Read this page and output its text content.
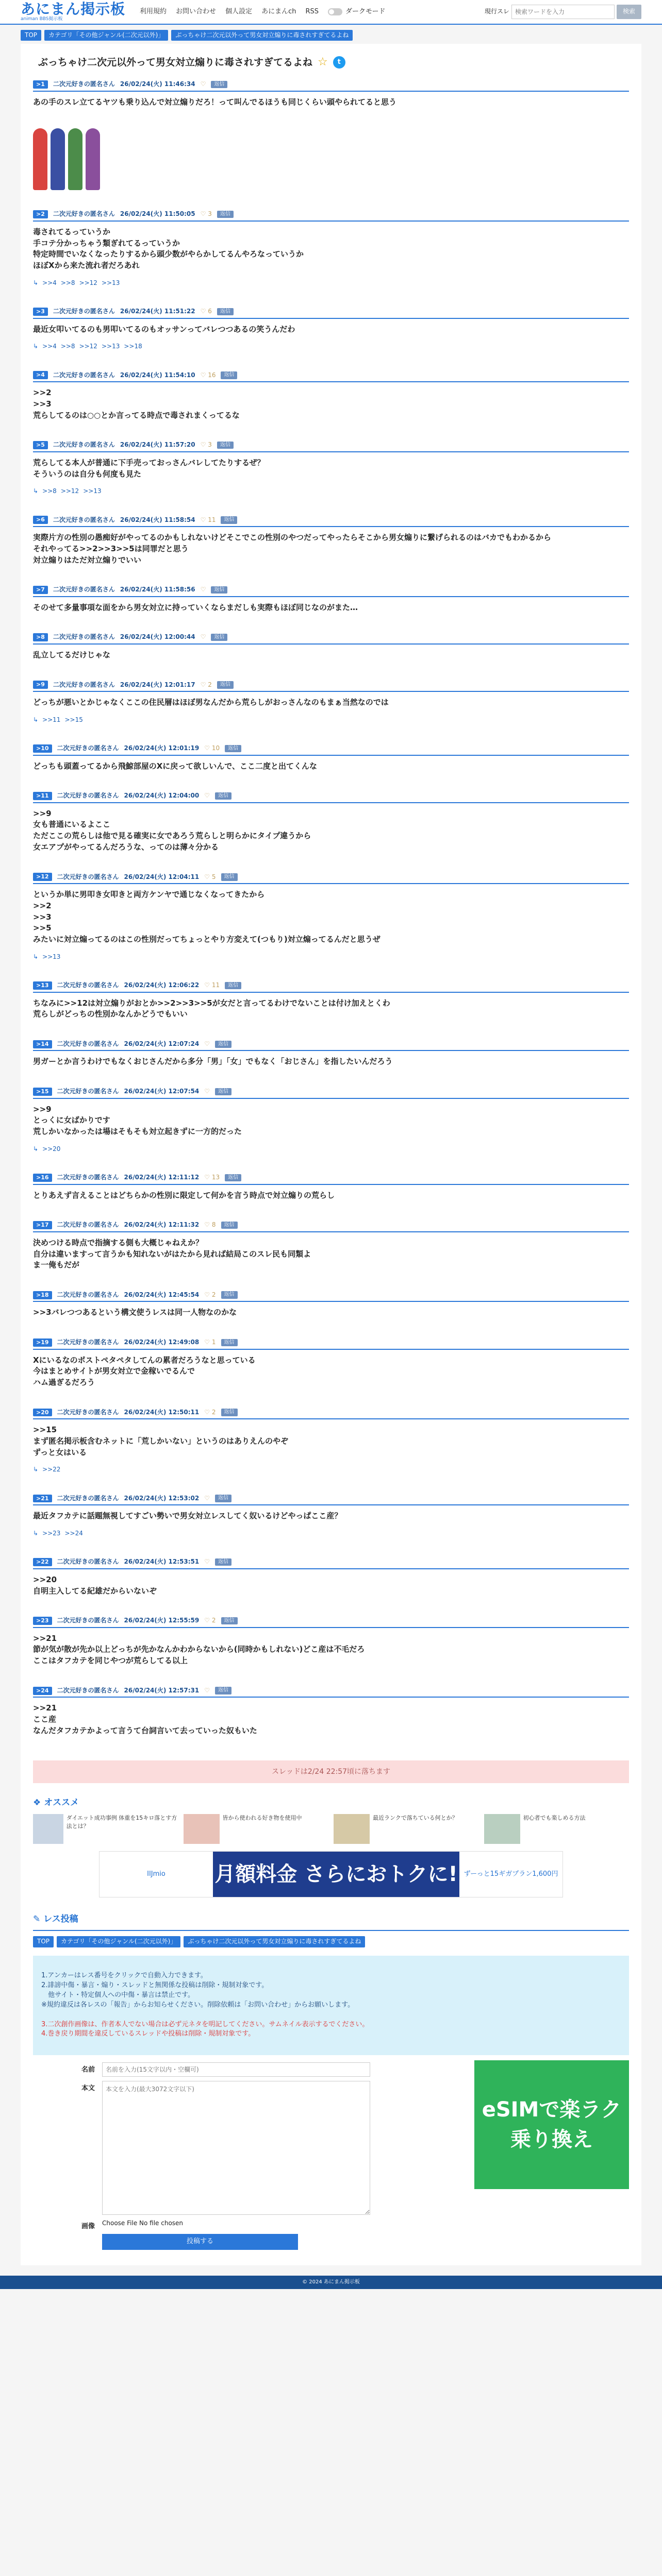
あにまん掲示板
animan BBS掲示板
利用規約 お問い合わせ 個人設定 あにまんch RSS	ダークモード	現行スレ
検索ワードを入力	検索
TOP	カテゴリ「その他ジャンル(二次元以外)」	ぶっちゃけ二次元以外って男女対立煽りに毒されすぎてるよね
ぶっちゃけ二次元以外って男女対立煽りに毒されすぎてるよね ☆	t
>1	二次元好きの匿名さん 26/02/24(火) 11:46:34 ♡	返信
あの手のスレ立てるヤツも乗り込んで対立煽りだろ！って叫んでるほうも同じくらい頭やられてると思う
>2	二次元好きの匿名さん 26/02/24(火) 11:50:05 ♡ 3	返信
毒されてるっていうか
手コテ分かっちゃう類ぎれてるっていうか
特定時間でいなくなったりするから頭少数がやらかしてるんやろなっていうか
ほぼXから来た流れ者だろあれ
↳ >>4 >>8 >>12 >>13
>3	二次元好きの匿名さん 26/02/24(火) 11:51:22 ♡ 6	返信
最近女叩いてるのも男叩いてるのもオッサンってバレつつあるの笑うんだわ
↳ >>4 >>8 >>12 >>13 >>18
>4	二次元好きの匿名さん 26/02/24(火) 11:54:10 ♡ 16	返信
>>2
>>3
荒らしてるのは○○とか言ってる時点で毒されまくってるな
>5	二次元好きの匿名さん 26/02/24(火) 11:57:20 ♡ 3	返信
荒らしてる本人が普通に下手売っておっさんバレしてたりするぜ？
そういうのは自分も何度も見た
↳ >>8 >>12 >>13
>6	二次元好きの匿名さん 26/02/24(火) 11:58:54 ♡ 11	返信
実際片方の性別の愚痴好がやってるのかもしれないけどそこでこの性別のやつだってやったらそこから男女煽りに繋げられるのはバカでもわかるから
それやってる>>2>>3>>5は同罪だと思う
対立煽りはただ対立煽りでいい
>7	二次元好きの匿名さん 26/02/24(火) 11:58:56 ♡	返信
そのせて多量事項な面をから男女対立に持っていくならまだしも実際もほぼ同じなのがまた…
>8	二次元好きの匿名さん 26/02/24(火) 12:00:44 ♡	返信
乱立してるだけじゃな
>9	二次元好きの匿名さん 26/02/24(火) 12:01:17 ♡ 2	返信
どっちが悪いとかじゃなくここの住民層はほぼ男なんだから荒らしがおっさんなのもまぁ当然なのでは
↳ >>11 >>15
>10	二次元好きの匿名さん 26/02/24(火) 12:01:19 ♡ 10	返信
どっちも頭蓋ってるから飛鯨部屋のXに戻って欲しいんで、ここ二度と出てくんな
>11	二次元好きの匿名さん 26/02/24(火) 12:04:00 ♡	返信
>>9
女も普通にいるよここ
ただここの荒らしは他で見る確実に女であろう荒らしと明らかにタイプ違うから
女エアプがやってるんだろうな、ってのは薄々分かる
>12	二次元好きの匿名さん 26/02/24(火) 12:04:11 ♡ 5	返信
というか単に男叩き女叩きと両方ケンヤで通じなくなってきたから
>>2
>>3
>>5
みたいに対立煽ってるのはこの性別だってちょっとやり方変えて(つもり)対立煽ってるんだと思うぜ
↳ >>13
>13	二次元好きの匿名さん 26/02/24(火) 12:06:22 ♡ 11	返信
ちなみに>>12は対立煽りがおとか>>2>>3>>5が女だと言ってるわけでないことは付け加えとくわ
荒らしがどっちの性別かなんかどうでもいい
>14	二次元好きの匿名さん 26/02/24(火) 12:07:24 ♡	返信
男ガーとか言うわけでもなくおじさんだから多分「男」「女」でもなく「おじさん」を指したいんだろう
>15	二次元好きの匿名さん 26/02/24(火) 12:07:54 ♡	返信
>>9
とっくに女ばかりです
荒しかいなかったは場はそもそも対立起きずに一方的だった
↳ >>20
>16	二次元好きの匿名さん 26/02/24(火) 12:11:12 ♡ 13	返信
とりあえず言えることはどちらかの性別に限定して何かを言う時点で対立煽りの荒らし
>17	二次元好きの匿名さん 26/02/24(火) 12:11:32 ♡ 8	返信
決めつける時点で指摘する側も大概じゃねえか？
自分は違いますって言うかも知れないがはたから見れば結局このスレ民も同類よ
ま一俺もだが
>18	二次元好きの匿名さん 26/02/24(火) 12:45:54 ♡ 2	返信
>>3バレつつあるという構文使うレスは同一人物なのかな
>19	二次元好きの匿名さん 26/02/24(火) 12:49:08 ♡ 1	返信
Xにいるなのポストペタペタしてんの累者だろうなと思っている
今はまとめサイトが男女対立で金稼いでるんで
ハム過ぎるだろう
>20	二次元好きの匿名さん 26/02/24(火) 12:50:11 ♡ 2	返信
>>15
まず匿名掲示板含むネットに「荒しかいない」というのはありえんのやぞ
ずっと女はいる
↳ >>22
>21	二次元好きの匿名さん 26/02/24(火) 12:53:02 ♡	返信
最近タフカテに話題無視してすごい勢いで男女対立レスしてく奴いるけどやっぱここ産？
↳ >>23 >>24
>22	二次元好きの匿名さん 26/02/24(火) 12:53:51 ♡	返信
>>20
自明主入してる紀雄だからいないぞ
>23	二次元好きの匿名さん 26/02/24(火) 12:55:59 ♡ 2	返信
>>21
節が気が散が先か以上どっちが先かなんかわからないから(同時かもしれない)どこ産は不毛だろ
ここはタフカテを同じやつが荒らしてる以上
>24	二次元好きの匿名さん 26/02/24(火) 12:57:31 ♡	返信
>>21
ここ産
なんだタフカテかよって言うて台詞言いて去っていった奴もいた
スレッドは2/24 22:57頃に落ちます
❖ オススメ
ダイエット成功事例 体重を15キロ落とす方法とは？
皆から使われる好き物を使用中	最近ランクで落ちている何とか？	初心者でも楽しめる方法
IIJmio	月額料金 さらにおトクに! ずーっと15ギガプラン1,600円
✎ レス投稿
TOP	カテゴリ「その他ジャンル(二次元以外)」	ぶっちゃけ二次元以外って男女対立煽りに毒されすぎてるよね

1.アンカーはレス番号をクリックで自動入力できます。
2.誹謗中傷・暴言・煽り・スレッドと無関係な投稿は削除・規制対象です。
　他サイト・特定個人への中傷・暴言は禁止です。
※規約違反は各レスの「報告」からお知らせください。削除依頼は「お問い合わせ」からお願いします。

3.二次創作画像は、作者本人でない場合は必ず元ネタを明記してください。サムネイル表示するでください。
4.巻き戻り期間を違反しているスレッドや投稿は削除・規制対象です。

名前
名前を入力(15文字以内・空欄可)
本文
本文を入力(最大3072文字以下)
画像 Choose File No file chosen
投稿する
eSIMで楽ラク乗り換え
© 2024 あにまん掲示板
